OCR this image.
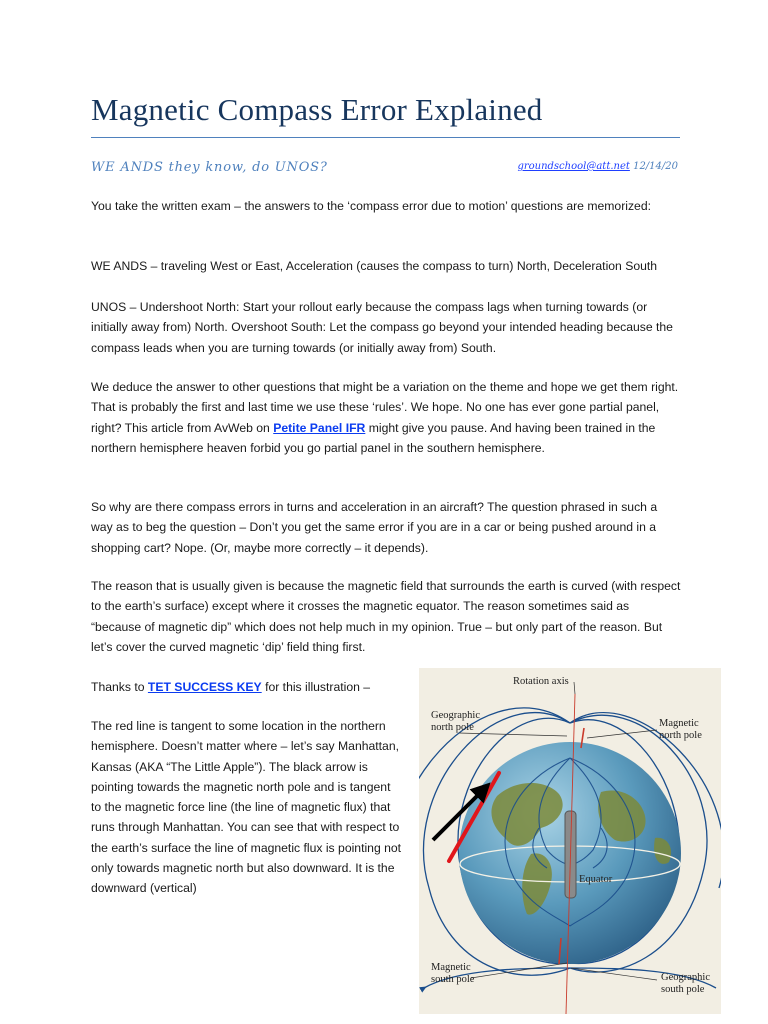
Magnetic Compass Error Explained
WE ANDS they know, do UNOS?	groundschool@att.net 12/14/20

You take the written exam – the answers to the ‘compass error due to motion’ questions are memorized:

WE ANDS – traveling West or East, Acceleration (causes the compass to turn) North, Deceleration South

UNOS – Undershoot North: Start your rollout early because the compass lags when turning towards (or initially away from) North. Overshoot South: Let the compass go beyond your intended heading because the compass leads when you are turning towards (or initially away from) South.

We deduce the answer to other questions that might be a variation on the theme and hope we get them right. That is probably the first and last time we use these ‘rules’. We hope. No one has ever gone partial panel, right? This article from AvWeb on Petite Panel IFR might give you pause. And having been trained in the northern hemisphere heaven forbid you go partial panel in the southern hemisphere.

So why are there compass errors in turns and acceleration in an aircraft? The question phrased in such a way as to beg the question – Don’t you get the same error if you are in a car or being pushed around in a shopping cart? Nope. (Or, maybe more correctly – it depends).

The reason that is usually given is because the magnetic field that surrounds the earth is curved (with respect to the earth’s surface) except where it crosses the magnetic equator. The reason sometimes said as “because of magnetic dip” which does not help much in my opinion. True – but only part of the reason. But let’s cover the curved magnetic ‘dip’ field thing first.

Thanks to TET SUCCESS KEY for this illustration –

The red line is tangent to some location in the northern hemisphere. Doesn’t matter where – let’s say Manhattan, Kansas (AKA “The Little Apple”). The black arrow is pointing towards the magnetic north pole and is tangent to the magnetic force line (the line of magnetic flux) that runs through Manhattan. You can see that with respect to the earth’s surface the line of magnetic flux is pointing not only towards magnetic north but also downward. It is the downward (vertical)

Rotation axis
Geographic
north pole	Magnetic
north pole
Equator
Magnetic
south pole	Geographic
south pole
